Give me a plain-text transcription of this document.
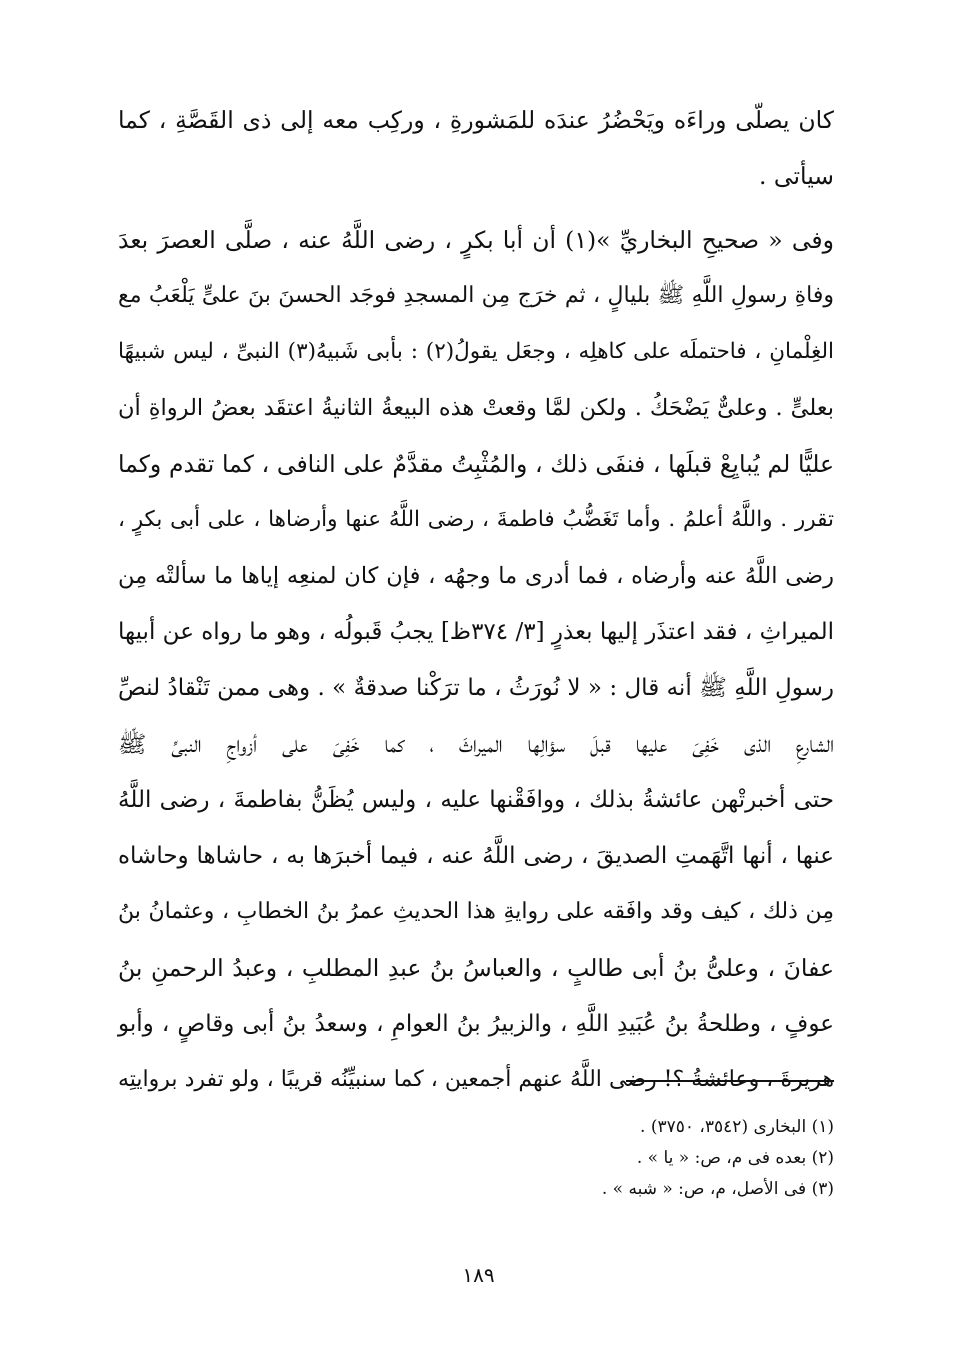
كان يصلّى وراءَه ويَحْضُرُ عندَه للمَشورةِ ، وركِب معه إلى ذى القَصَّةِ ، كما
سيأتى .
وفى « صحيحِ البخاريِّ »(١) أن أبا بكرٍ ، رضى اللَّهُ عنه ، صلَّى العصرَ بعدَ
وفاةِ رسولِ اللَّهِ ﷺ بليالٍ ، ثم خرَج مِن المسجدِ فوجَد الحسنَ بنَ علىٍّ يَلْعَبُ مع
الغِلْمانِ ، فاحتملَه على كاهلِه ، وجعَل يقولُ(٢) : بأبى شَبيهُ(٣) النبىِّ ، ليس شبيهًا
بعلىٍّ . وعلىٌّ يَضْحَكُ . ولكن لمَّا وقعتْ هذه البيعةُ الثانيةُ اعتقَد بعضُ الرواةِ أن
عليًّا لم يُبايِعْ قبلَها ، فنفَى ذلك ، والمُثْبِتُ مقدَّمٌ على النافى ، كما تقدم وكما
تقرر . واللَّهُ أعلمُ . وأما تَغَضُّبُ فاطمةَ ، رضى اللَّهُ عنها وأرضاها ، على أبى بكرٍ ،
رضى اللَّهُ عنه وأرضاه ، فما أدرى ما وجهُه ، فإن كان لمنعِه إياها ما سألتْه مِن
الميراثِ ، فقد اعتذَر إليها بعذرٍ [٣/ ٣٧٤ظ] يجبُ قَبولُه ، وهو ما رواه عن أبيها
رسولِ اللَّهِ ﷺ أنه قال : « لا نُورَثُ ، ما ترَكْنا صدقةٌ » . وهى ممن تَنْقادُ لنصِّ
الشارعِ الذى خَفِىَ عليها قبلَ سؤالِها الميراثَ ، كما خَفِىَ على أزواجِ النبىِّ ﷺ
حتى أخبرتْهن عائشةُ بذلك ، ووافَقْنها عليه ، وليس يُظَنُّ بفاطمةَ ، رضى اللَّهُ
عنها ، أنها اتَّهَمتِ الصديقَ ، رضى اللَّهُ عنه ، فيما أخبرَها به ، حاشاها وحاشاه
مِن ذلك ، كيف وقد وافَقه على روايةِ هذا الحديثِ عمرُ بنُ الخطابِ ، وعثمانُ بنُ
عفانَ ، وعلىُّ بنُ أبى طالبٍ ، والعباسُ بنُ عبدِ المطلبِ ، وعبدُ الرحمنِ بنُ
عوفٍ ، وطلحةُ بنُ عُبَيدِ اللَّهِ ، والزبيرُ بنُ العوامِ ، وسعدُ بنُ أبى وقاصٍ ، وأبو
هريرةَ ، وعائشةُ ؟! رضى اللَّهُ عنهم أجمعين ، كما سنبيِّنُه قريبًا ، ولو تفرد بروايتِه
(١) البخارى (٣٥٤٢، ٣٧٥٠) .
(٢) بعده فى م، ص: « يا » .
(٣) فى الأصل، م، ص: « شبه » .
١٨٩
